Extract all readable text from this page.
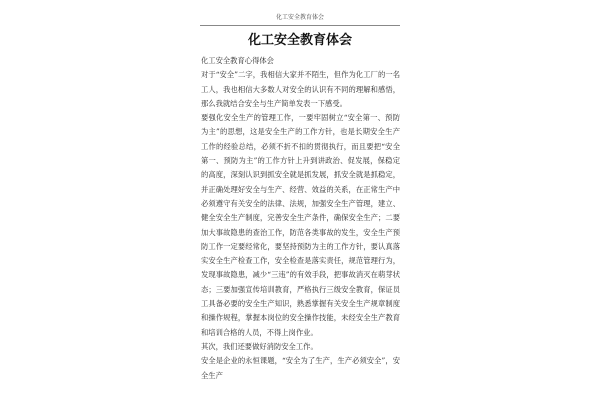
化工安全教育体会
化工安全教育体会

化工安全教育心得体会

对于“安全”二字，我相信大家并不陌生，但作为化工厂的一名工人，我也相信大多数人对安全的认识有不同的理解和感悟，那么我就结合安全与生产简单发表一下感受。

要强化安全生产的管理工作，一要牢固树立“安全第一、预防为主”的思想，这是安全生产的工作方针，也是长期安全生产工作的经验总结，必须不折不扣的贯彻执行，而且要把“安全第一、预防为主”的工作方针上升到讲政治、促发展，保稳定的高度，深刻认识到抓安全就是抓发展，抓安全就是抓稳定，并正确处理好安全与生产、经营、效益的关系，在正常生产中必须遵守有关安全的法律、法规，加强安全生产管理，建立、健全安全生产制度，完善安全生产条件，确保安全生产；二要加大事故隐患的查治工作，防范各类事故的发生，安全生产预防工作一定要经常化，要坚持预防为主的工作方针，要认真落实安全生产检查工作，安全检查是落实责任，规范管理行为，发现事故隐患，减少“三违”的有效手段，把事故消灭在萌芽状态；三要加强宣传培训教育，严格执行三级安全教育，保证员工具备必要的安全生产知识，熟悉掌握有关安全生产规章制度和操作规程，掌握本岗位的安全操作技能，未经安全生产教育和培训合格的人员，不得上岗作业。

其次，我们还要做好消防安全工作。

安全是企业的永恒课题，“安全为了生产，生产必须安全”，安全生产
